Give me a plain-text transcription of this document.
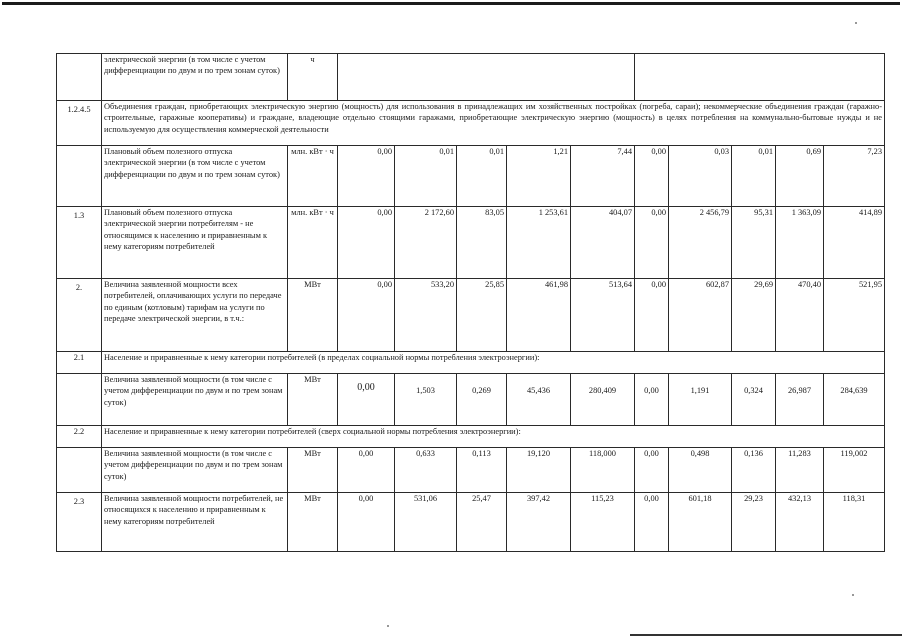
	электрической энергии (в том числе с учетом дифференциации по двум и по трем зонам суток)	ч										
1.2.4.5	Объединения граждан, приобретающих электрическую энергию (мощность) для использования в принадлежащих им хозяйственных постройках (погреба, сараи); некоммерческие объединения граждан (гаражно-строительные, гаражные кооперативы) и граждане, владеющие отдельно стоящими гаражами, приобретающие электрическую энергию (мощность) в целях потребления на коммунально-бытовые нужды и не используемую для осуществления коммерческой деятельности											
	Плановый объем полезного отпуска электрической энергии (в том числе с учетом дифференциации по двум и по трем зонам суток)	млн. кВт · ч	0,00	0,01	0,01	1,21	7,44	0,00	0,03	0,01	0,69	7,23
1.3	Плановый объем полезного отпуска электрической энергии потребителям - не относящимся к населению и приравненным к нему категориям потребителей	млн. кВт · ч	0,00	2 172,60	83,05	1 253,61	404,07	0,00	2 456,79	95,31	1 363,09	414,89
2.	Величина заявленной мощности всех потребителей, оплачивающих услуги по передаче по единым (котловым) тарифам на услуги по передаче электрической энергии, в т.ч.:	МВт	0,00	533,20	25,85	461,98	513,64	0,00	602,87	29,69	470,40	521,95
2.1	Население и приравненные к нему категории потребителей (в пределах социальной нормы потребления электроэнергии):											
	Величина заявленной мощности (в том числе с учетом дифференциации по двум и по трем зонам суток)	МВт	0,00	1,503	0,269	45,436	280,409	0,00	1,191	0,324	26,987	284,639
2.2	Население и приравненные к нему категории потребителей (сверх социальной нормы потребления электроэнергии):											
	Величина заявленной мощности (в том числе с учетом дифференциации по двум и по трем зонам суток)	МВт	0,00	0,633	0,113	19,120	118,000	0,00	0,498	0,136	11,283	119,002
2.3	Величина заявленной мощности потребителей, не относящихся к населению и приравненным к нему категориям потребителей	МВт	0,00	531,06	25,47	397,42	115,23	0,00	601,18	29,23	432,13	118,31
